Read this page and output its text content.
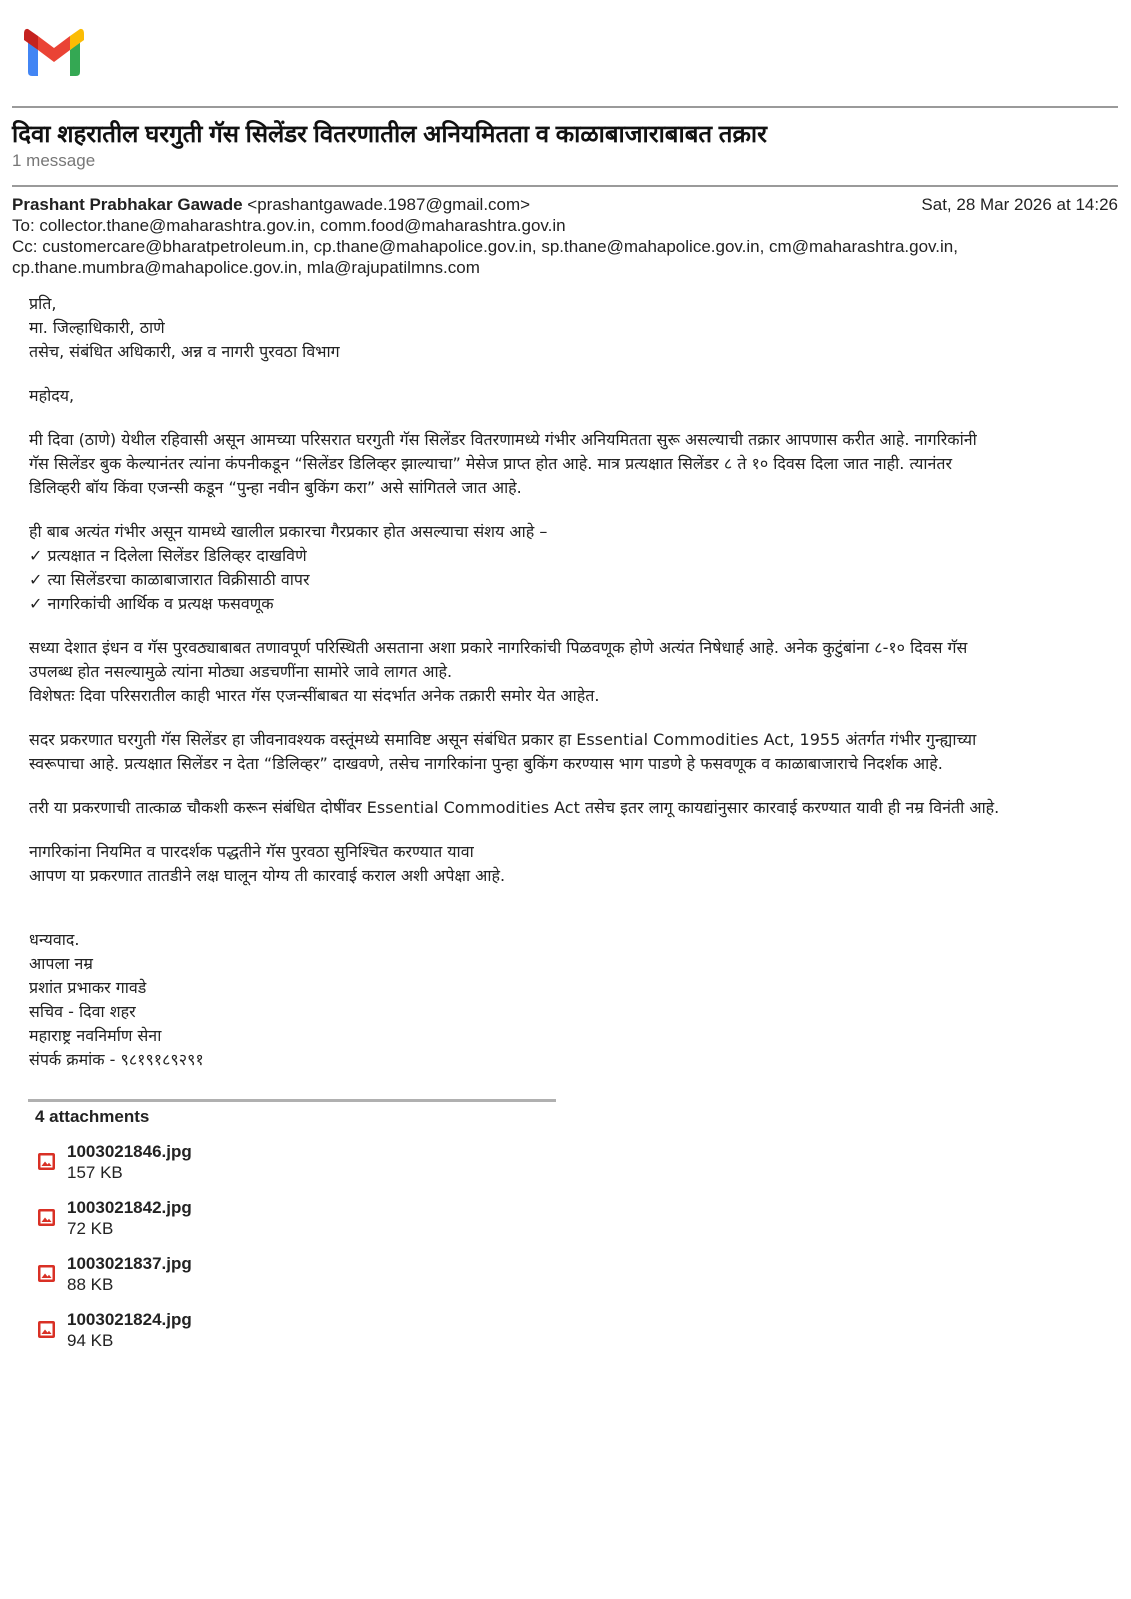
दिवा शहरातील घरगुती गॅस सिलेंडर वितरणातील अनियमितता व काळाबाजाराबाबत तक्रार
1 message
Prashant Prabhakar Gawade <prashantgawade.1987@gmail.com>	Sat, 28 Mar 2026 at 14:26
To: collector.thane@maharashtra.gov.in, comm.food@maharashtra.gov.in
Cc: customercare@bharatpetroleum.in, cp.thane@mahapolice.gov.in, sp.thane@mahapolice.gov.in, cm@maharashtra.gov.in,
cp.thane.mumbra@mahapolice.gov.in, mla@rajupatilmns.com

प्रति,
मा. जिल्हाधिकारी, ठाणे
तसेच, संबंधित अधिकारी, अन्न व नागरी पुरवठा विभाग

महोदय,

मी दिवा (ठाणे) येथील रहिवासी असून आमच्या परिसरात घरगुती गॅस सिलेंडर वितरणामध्ये गंभीर अनियमितता सुरू असल्याची तक्रार आपणास करीत आहे. नागरिकांनी
गॅस सिलेंडर बुक केल्यानंतर त्यांना कंपनीकडून “सिलेंडर डिलिव्हर झाल्याचा” मेसेज प्राप्त होत आहे. मात्र प्रत्यक्षात सिलेंडर ८ ते १० दिवस दिला जात नाही. त्यानंतर
डिलिव्हरी बॉय किंवा एजन्सी कडून “पुन्हा नवीन बुकिंग करा” असे सांगितले जात आहे.

ही बाब अत्यंत गंभीर असून यामध्ये खालील प्रकारचा गैरप्रकार होत असल्याचा संशय आहे –
✓ प्रत्यक्षात न दिलेला सिलेंडर डिलिव्हर दाखविणे
✓ त्या सिलेंडरचा काळाबाजारात विक्रीसाठी वापर
✓ नागरिकांची आर्थिक व प्रत्यक्ष फसवणूक

सध्या देशात इंधन व गॅस पुरवठ्याबाबत तणावपूर्ण परिस्थिती असताना अशा प्रकारे नागरिकांची पिळवणूक होणे अत्यंत निषेधार्ह आहे. अनेक कुटुंबांना ८-१० दिवस गॅस
उपलब्ध होत नसल्यामुळे त्यांना मोठ्या अडचणींना सामोरे जावे लागत आहे.
विशेषतः दिवा परिसरातील काही भारत गॅस एजन्सींबाबत या संदर्भात अनेक तक्रारी समोर येत आहेत.

सदर प्रकरणात घरगुती गॅस सिलेंडर हा जीवनावश्यक वस्तूंमध्ये समाविष्ट असून संबंधित प्रकार हा Essential Commodities Act, 1955 अंतर्गत गंभीर गुन्ह्याच्या
स्वरूपाचा आहे. प्रत्यक्षात सिलेंडर न देता “डिलिव्हर” दाखवणे, तसेच नागरिकांना पुन्हा बुकिंग करण्यास भाग पाडणे हे फसवणूक व काळाबाजाराचे निदर्शक आहे.

तरी या प्रकरणाची तात्काळ चौकशी करून संबंधित दोषींवर Essential Commodities Act तसेच इतर लागू कायद्यांनुसार कारवाई करण्यात यावी ही नम्र विनंती आहे.

नागरिकांना नियमित व पारदर्शक पद्धतीने गॅस पुरवठा सुनिश्चित करण्यात यावा
आपण या प्रकरणात तातडीने लक्ष घालून योग्य ती कारवाई कराल अशी अपेक्षा आहे.

धन्यवाद.
आपला नम्र
प्रशांत प्रभाकर गावडे
सचिव - दिवा शहर
महाराष्ट्र नवनिर्माण सेना
संपर्क क्रमांक - ९८१९१८९२९१

4 attachments
1003021846.jpg
157 KB
1003021842.jpg
72 KB
1003021837.jpg
88 KB
1003021824.jpg
94 KB
